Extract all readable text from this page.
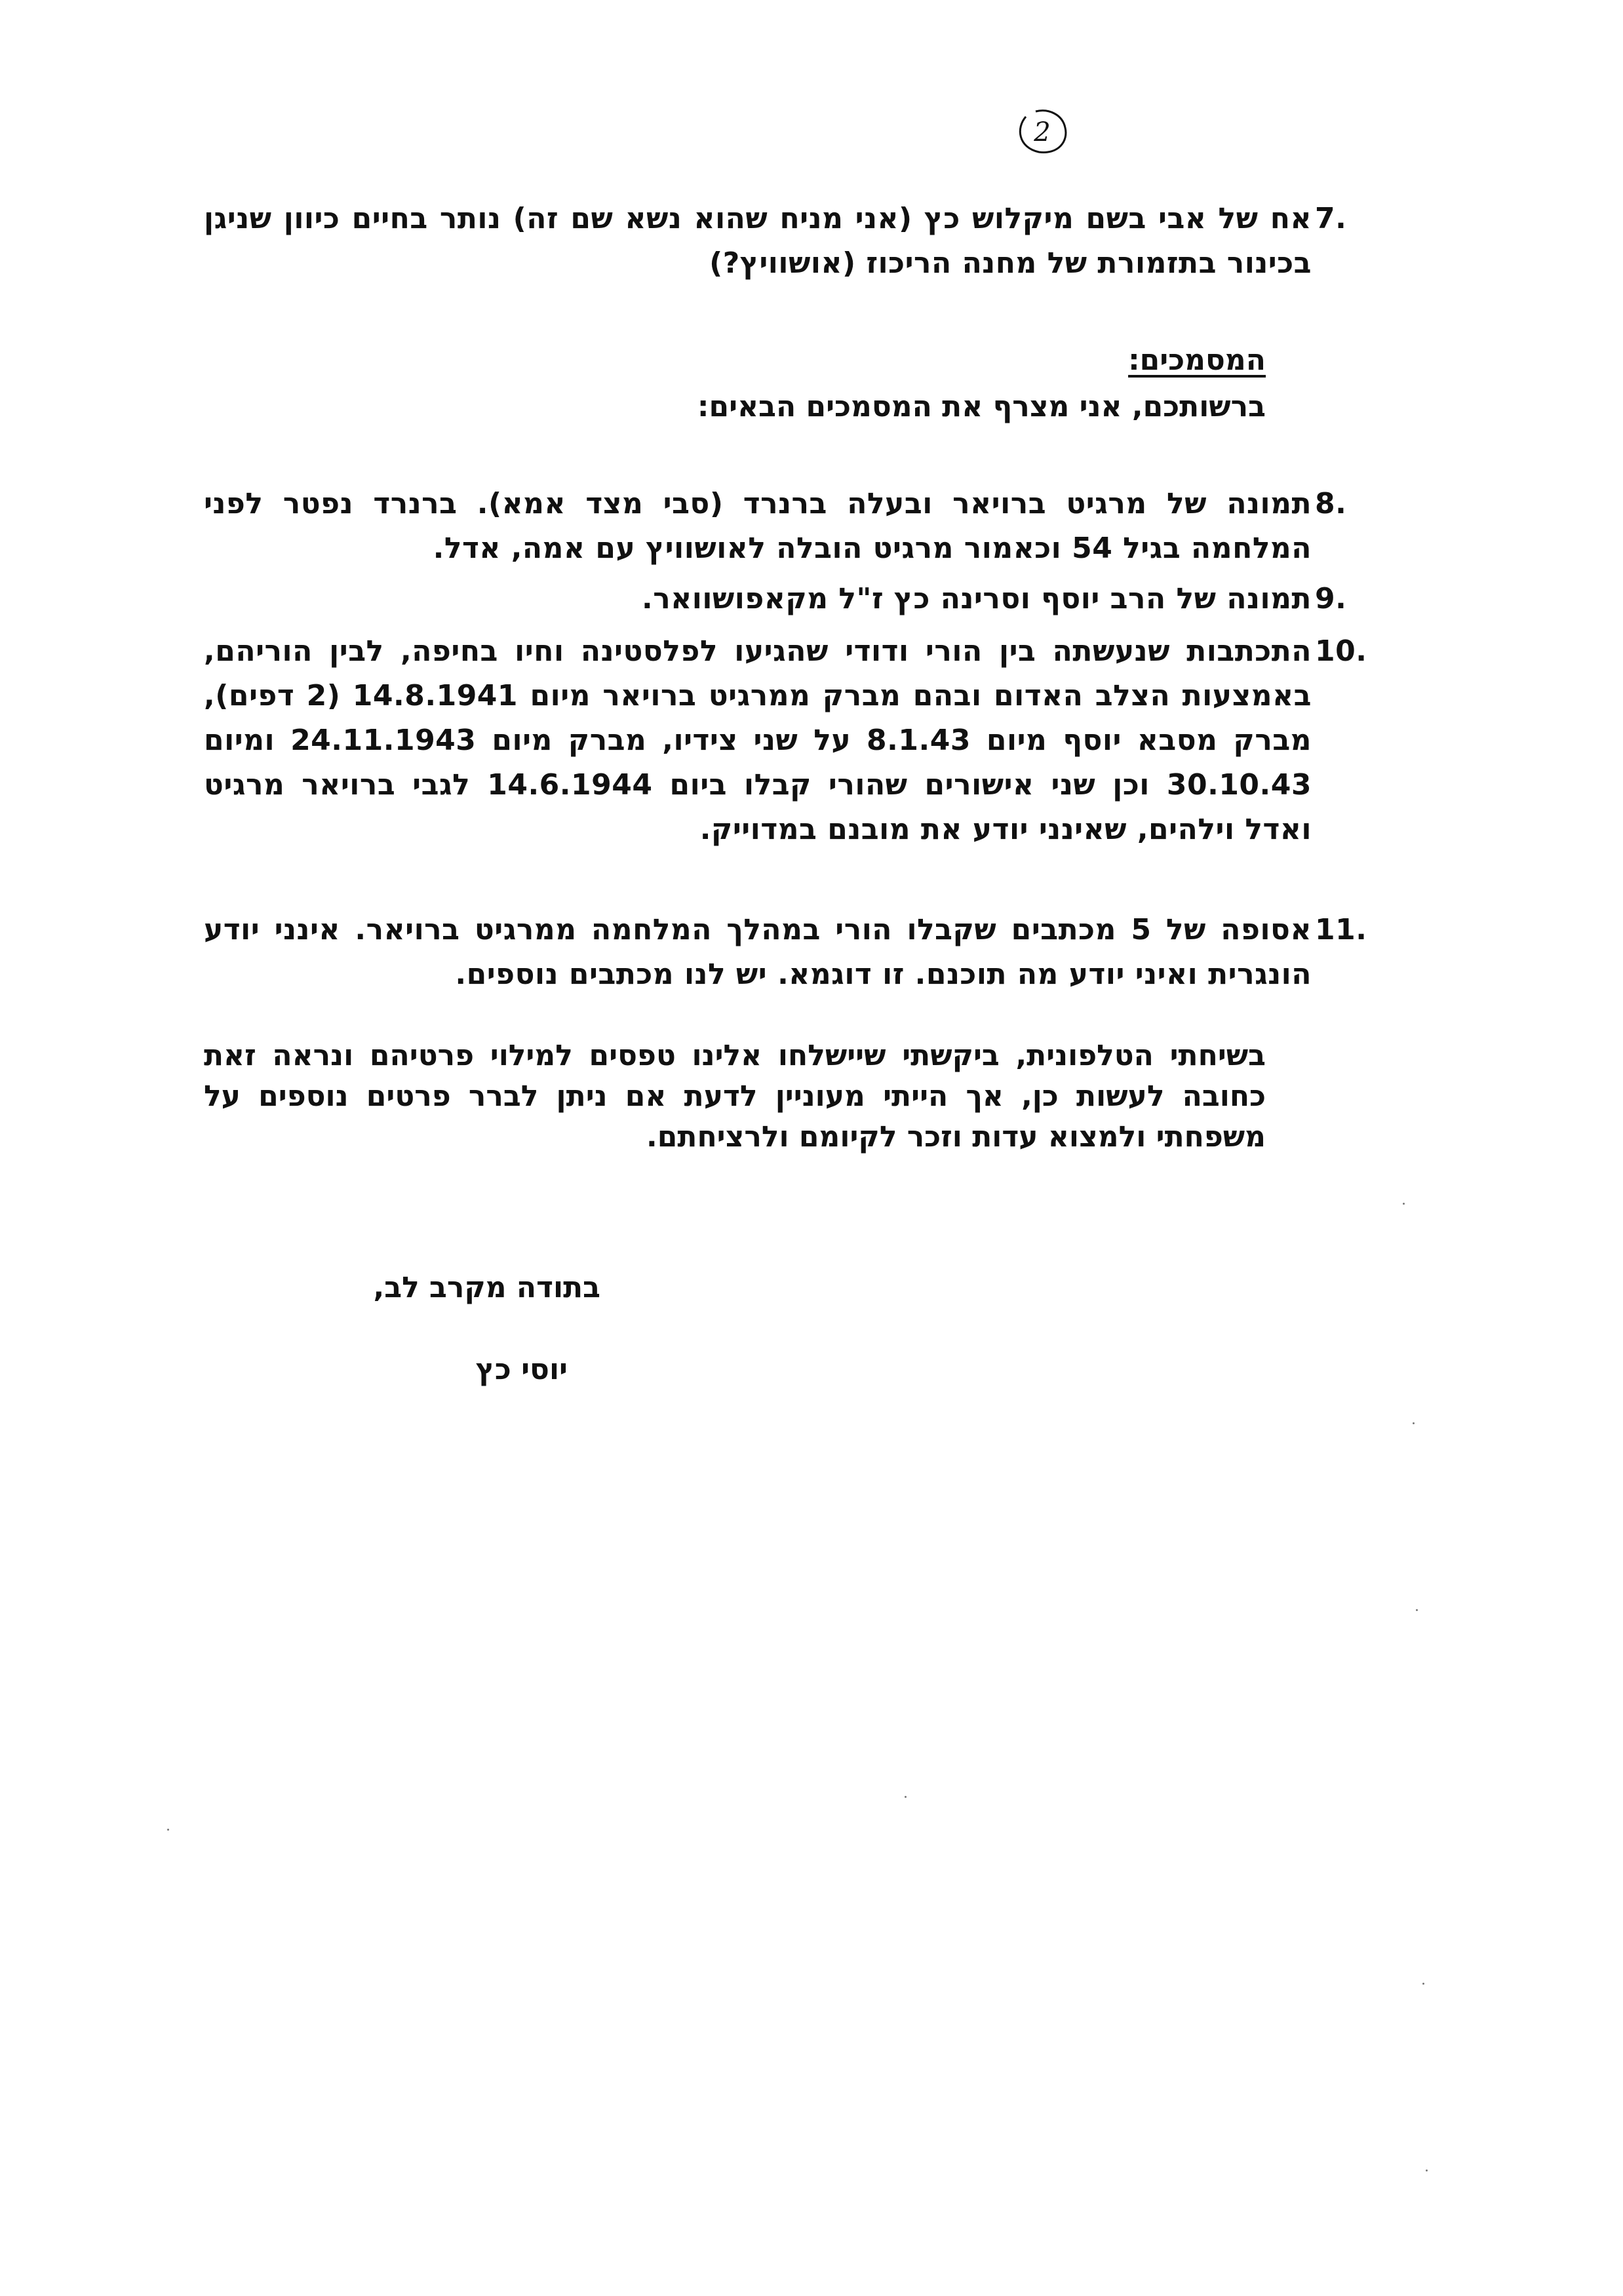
2
7.
אח של אבי בשם מיקלוש כץ (אני מניח שהוא נשא שם זה) נותר בחיים כיוון שניגן בכינור בתזמורת של מחנה הריכוז (אושוויץ?)
המסמכים:
ברשותכם, אני מצרף את המסמכים הבאים:
8.
תמונה של מרגיט ברויאר ובעלה ברנרד (סבי מצד אמא). ברנרד נפטר לפני המלחמה בגיל 54 וכאמור מרגיט הובלה לאושוויץ עם אמה, אדל.
9.
תמונה של הרב יוסף וסרינה כץ ז"ל מקאפושוואר.
10.
התכתבות שנעשתה בין הורי ודודי שהגיעו לפלסטינה וחיו בחיפה, לבין הוריהם, באמצעות הצלב האדום ובהם מברק ממרגיט ברויאר מיום 14.8.1941 (2 דפים), מברק מסבא יוסף מיום 8.1.43 על שני צידיו, מברק מיום 24.11.1943 ומיום 30.10.43 וכן שני אישורים שהורי קבלו ביום 14.6.1944 לגבי ברויאר מרגיט ואדל וילהים, שאינני יודע את מובנם במדוייק.
11.
אסופה של 5 מכתבים שקבלו הורי במהלך המלחמה ממרגיט ברויאר. אינני יודע הונגרית ואיני יודע מה תוכנם. זו דוגמא. יש לנו מכתבים נוספים.
בשיחתי הטלפונית, ביקשתי שיישלחו אלינו טפסים למילוי פרטיהם ונראה זאת כחובה לעשות כן, אך הייתי מעוניין לדעת אם ניתן לברר פרטים נוספים על משפחתי ולמצוא עדות וזכר לקיומם ולרציחתם.
בתודה מקרב לב,
יוסי כץ
